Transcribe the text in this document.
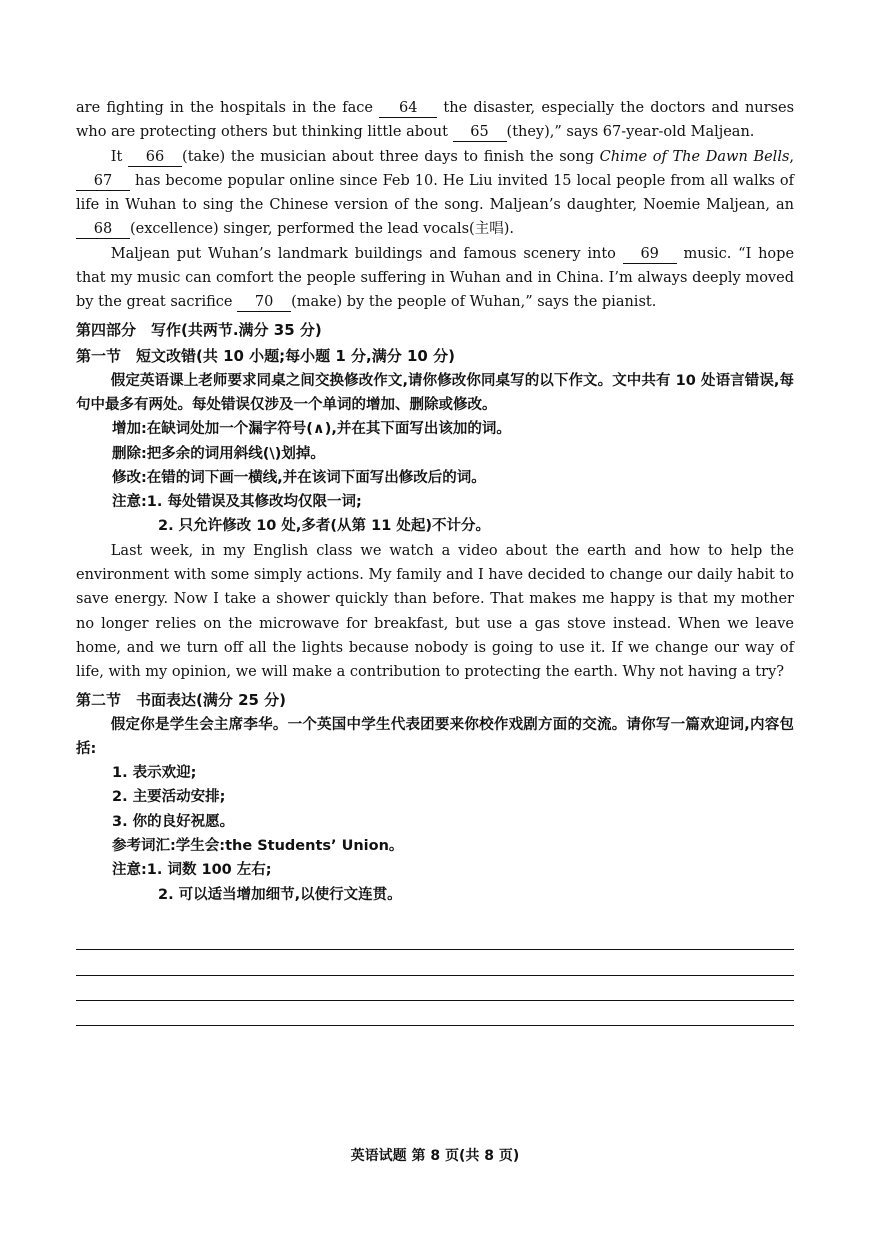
are fighting in the hospitals in the face 64 the disaster, especially the doctors and nurses who are protecting others but thinking little about 65 (they),” says 67-year-old Maljean.

It 66 (take) the musician about three days to finish the song Chime of The Dawn Bells, 67 has become popular online since Feb 10. He Liu invited 15 local people from all walks of life in Wuhan to sing the Chinese version of the song. Maljean’s daughter, Noemie Maljean, an 68 (excellence) singer, performed the lead vocals(主唱).

Maljean put Wuhan’s landmark buildings and famous scenery into 69 music. “I hope that my music can comfort the people suffering in Wuhan and in China. I’m always deeply moved by the great sacrifice 70 (make) by the people of Wuhan,” says the pianist.

第四部分　写作(共两节.满分 35 分)

第一节　短文改错(共 10 小题;每小题 1 分,满分 10 分)

假定英语课上老师要求同桌之间交换修改作文,请你修改你同桌写的以下作文。文中共有 10 处语言错误,每句中最多有两处。每处错误仅涉及一个单词的增加、删除或修改。

增加:在缺词处加一个漏字符号(∧),并在其下面写出该加的词。

删除:把多余的词用斜线(\)划掉。

修改:在错的词下画一横线,并在该词下面写出修改后的词。

注意:1. 每处错误及其修改均仅限一词;

2. 只允许修改 10 处,多者(从第 11 处起)不计分。

Last week, in my English class we watch a video about the earth and how to help the environment with some simply actions. My family and I have decided to change our daily habit to save energy. Now I take a shower quickly than before. That makes me happy is that my mother no longer relies on the microwave for breakfast, but use a gas stove instead. When we leave home, and we turn off all the lights because nobody is going to use it. If we change our way of life, with my opinion, we will make a contribution to protecting the earth. Why not having a try?

第二节　书面表达(满分 25 分)

假定你是学生会主席李华。一个英国中学生代表团要来你校作戏剧方面的交流。请你写一篇欢迎词,内容包括:

1. 表示欢迎;

2. 主要活动安排;

3. 你的良好祝愿。

参考词汇:学生会:the Students’ Union。

注意:1. 词数 100 左右;

2. 可以适当增加细节,以使行文连贯。

英语试题 第 8 页(共 8 页)
